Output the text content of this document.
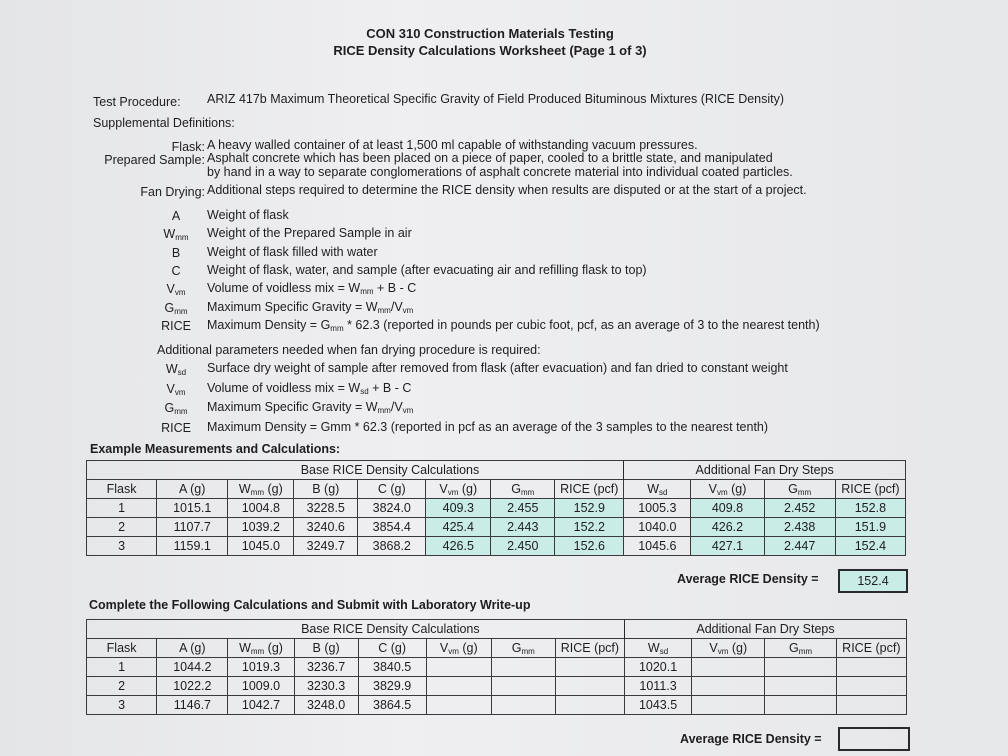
CON 310 Construction Materials Testing
RICE Density Calculations Worksheet (Page 1 of 3)
Test Procedure: ARIZ 417b Maximum Theoretical Specific Gravity of Field Produced Bituminous Mixtures (RICE Density)
Supplemental Definitions:
Flask: A heavy walled container of at least 1,500 ml capable of withstanding vacuum pressures.
Prepared Sample: Asphalt concrete which has been placed on a piece of paper, cooled to a brittle state, and manipulated
by hand in a way to separate conglomerations of asphalt concrete material into individual coated particles.
Fan Drying: Additional steps required to determine the RICE density when results are disputed or at the start of a project.
A	Weight of flask
$W_{mm}$	Weight of the Prepared Sample in air
B	Weight of flask filled with water
C	Weight of flask, water, and sample (after evacuating air and refilling flask to top)
$V_{vm}$	Volume of voidless mix = $W_{mm} + B - C$
$G_{mm}$	Maximum Specific Gravity = $W_{mm}/V_{vm}$
RICE	Maximum Density = $G_{mm} * 62.3$ (reported in pounds per cubic foot, pcf, as an average of 3 to the nearest tenth)
Additional parameters needed when fan drying procedure is required:
$W_{sd}$	Surface dry weight of sample after removed from flask (after evacuation) and fan dried to constant weight
$V_{vm}$	Volume of voidless mix = $W_{sd} + B - C$
$G_{mm}$	Maximum Specific Gravity = $W_{mm}/V_{vm}$
RICE	Maximum Density = Gmm * 62.3 (reported in pcf as an average of the 3 samples to the nearest tenth)
Example Measurements and Calculations:
	Base RICE Density Calculations							Additional Fan Dry Steps			
Flask	A (g)	$W_{mm}$ (g)	B (g)	C (g)	$V_{vm}$ (g)	$G_{mm}$	RICE (pcf)	$W_{sd}$	$V_{vm}$ (g)	$G_{mm}$	RICE (pcf)
1	1015.1	1004.8	3228.5	3824.0	409.3	2.455	152.9	1005.3	409.8	2.452	152.8
2	1107.7	1039.2	3240.6	3854.4	425.4	2.443	152.2	1040.0	426.2	2.438	151.9
3	1159.1	1045.0	3249.7	3868.2	426.5	2.450	152.6	1045.6	427.1	2.447	152.4
Average RICE Density =	152.4
Complete the Following Calculations and Submit with Laboratory Write-up
	Base RICE Density Calculations							Additional Fan Dry Steps			
Flask	A (g)	$W_{mm}$ (g)	B (g)	C (g)	$V_{vm}$ (g)	$G_{mm}$	RICE (pcf)	$W_{sd}$	$V_{vm}$ (g)	$G_{mm}$	RICE (pcf)
1	1044.2	1019.3	3236.7	3840.5				1020.1			
2	1022.2	1009.0	3230.3	3829.9				1011.3			
3	1146.7	1042.7	3248.0	3864.5				1043.5			
Average RICE Density =
